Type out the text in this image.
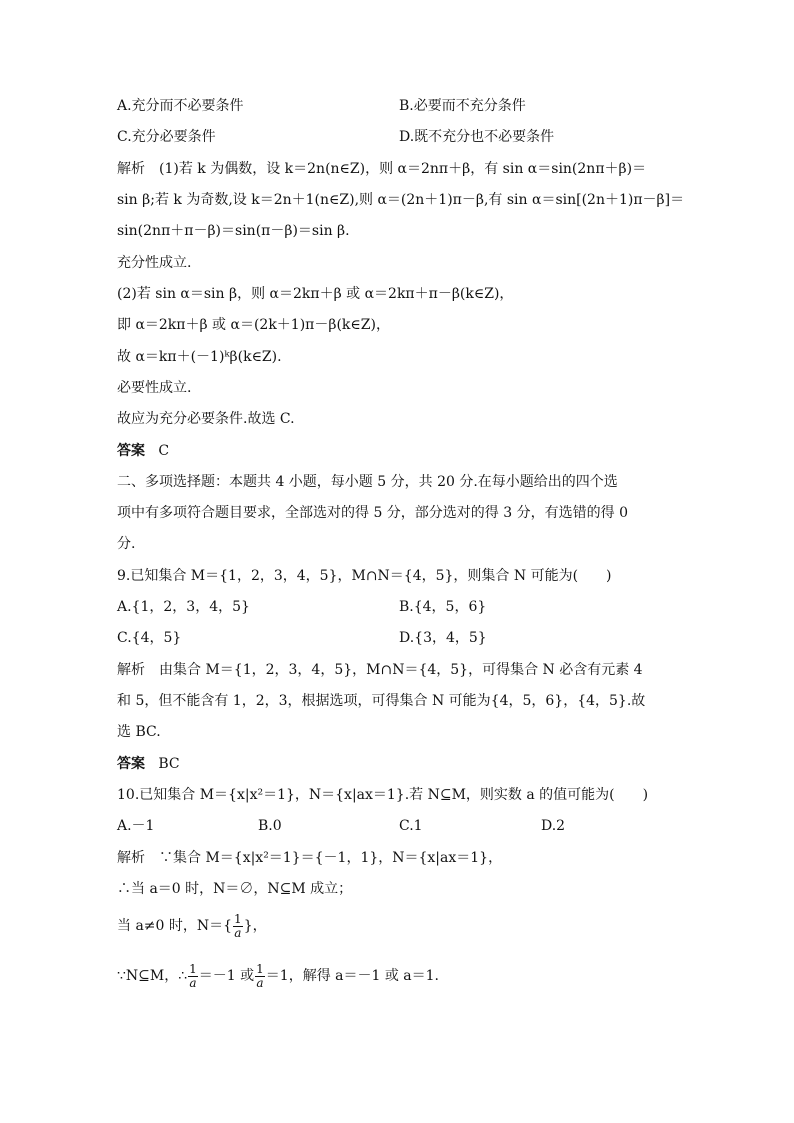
A.充分而不必要条件	B.必要而不充分条件
C.充分必要条件	D.既不充分也不必要条件
解析　(1)若 k 为偶数，设 k＝2n(n∈Z)，则 α＝2nπ＋β，有 sin α＝sin(2nπ＋β)＝
sin β;若 k 为奇数,设 k＝2n＋1(n∈Z),则 α＝(2n＋1)π－β,有 sin α＝sin[(2n＋1)π－β]＝
sin(2nπ＋π－β)＝sin(π－β)＝sin β.
充分性成立.
(2)若 sin α＝sin β，则 α＝2kπ＋β 或 α＝2kπ＋π－β(k∈Z)，
即 α＝2kπ＋β 或 α＝(2k＋1)π－β(k∈Z)，
故 α＝kπ＋(－1)ᵏβ(k∈Z).
必要性成立.
故应为充分必要条件.故选 C.
答案 C
二、多项选择题：本题共 4 小题，每小题 5 分，共 20 分.在每小题给出的四个选
项中有多项符合题目要求，全部选对的得 5 分，部分选对的得 3 分，有选错的得 0
分.
9.已知集合 M＝{1，2，3，4，5}，M∩N＝{4，5}，则集合 N 可能为(　　)
A.{1，2，3，4，5}	B.{4，5，6}
C.{4，5}	D.{3，4，5}
解析　由集合 M＝{1，2，3，4，5}，M∩N＝{4，5}，可得集合 N 必含有元素 4
和 5，但不能含有 1，2，3，根据选项，可得集合 N 可能为{4，5，6}，{4，5}.故
选 BC.
答案 BC
10.已知集合 M＝{x|x²＝1}，N＝{x|ax＝1}.若 N⊆M，则实数 a 的值可能为(　　)
A.－1	B.0	C.1	D.2
解析　∵集合 M＝{x|x²＝1}＝{－1，1}，N＝{x|ax＝1}，
∴当 a＝0 时，N＝∅，N⊆M 成立；
当 a≠0 时，$N=\{ \frac{1}{a}$ }，
∵N⊆M，∴ $\frac{1}{a} =-1$ 或 $\frac{1}{a} =1$，解得 a＝－1 或 a＝1.
